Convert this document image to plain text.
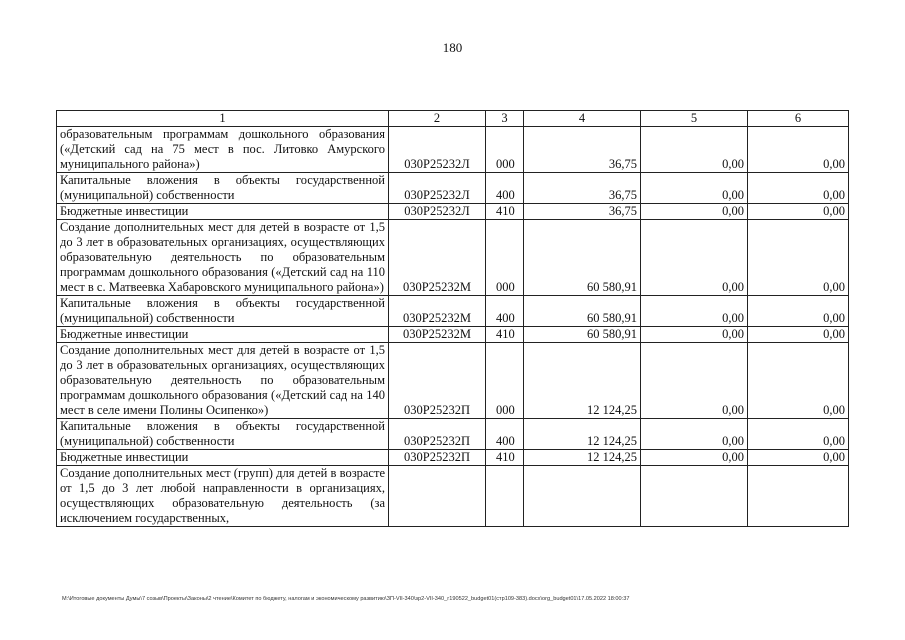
180
1	2	3	4	5	6
образовательным программам дошкольного образования («Детский сад на 75 мест в пос. Литовко Амурского муниципального района»)	030Р25232Л	000	36,75	0,00	0,00
Капитальные вложения в объекты государственной (муниципальной) собственности	030Р25232Л	400	36,75	0,00	0,00
Бюджетные инвестиции	030Р25232Л	410	36,75	0,00	0,00
Создание дополнительных мест для детей в возрасте от 1,5 до 3 лет в образовательных организациях, осуществляющих образовательную деятельность по образовательным программам дошкольного образования («Детский сад на 110 мест в с. Матвеевка Хабаровского муниципального района»)	030Р25232М	000	60 580,91	0,00	0,00
Капитальные вложения в объекты государственной (муниципальной) собственности	030Р25232М	400	60 580,91	0,00	0,00
Бюджетные инвестиции	030Р25232М	410	60 580,91	0,00	0,00
Создание дополнительных мест для детей в возрасте от 1,5 до 3 лет в образовательных организациях, осуществляющих образовательную деятельность по образовательным программам дошкольного образования («Детский сад на 140 мест в селе имени Полины Осипенко»)	030Р25232П	000	12 124,25	0,00	0,00
Капитальные вложения в объекты государственной (муниципальной) собственности	030Р25232П	400	12 124,25	0,00	0,00
Бюджетные инвестиции	030Р25232П	410	12 124,25	0,00	0,00
Создание дополнительных мест (групп) для детей в возрасте от 1,5 до 3 лет любой направленности в организациях, осуществляющих образовательную деятельность (за исключением государственных,					
М:\Итоговые документы Думы\7 созыв\Проекты\Законы\2 чтение\Комитет по бюджету, налогам и экономическому развитию\ЗП-VII-340\зр2-VII-340_г190522_budget01(стр109-383).docx\org_budget01\17.05.2022 18:00:37
